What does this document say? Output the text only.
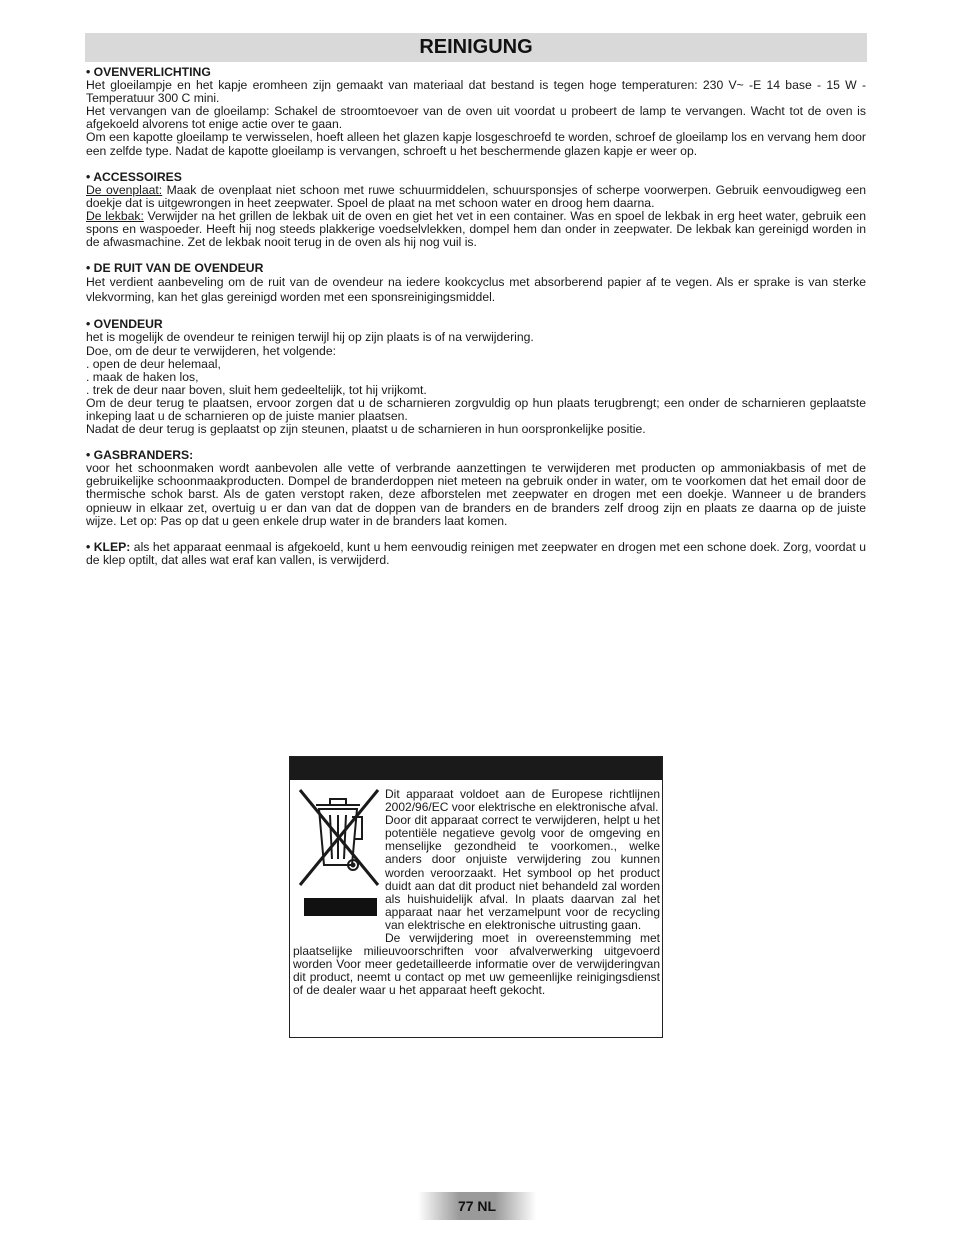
REINIGUNG

• OVENVERLICHTING

Het gloeilampje en het kapje eromheen zijn gemaakt van materiaal dat bestand is tegen hoge temperaturen: 230 V~ -E 14 base - 15 W - Temperatuur 300 C mini.

Het vervangen van de gloeilamp: Schakel de stroomtoevoer van de oven uit voordat u probeert de lamp te vervangen. Wacht tot de oven is afgekoeld alvorens tot enige actie over te gaan.

Om een kapotte gloeilamp te verwisselen, hoeft alleen het glazen kapje losgeschroefd te worden, schroef de gloeilamp los en vervang hem door een zelfde type. Nadat de kapotte gloeilamp is vervangen, schroeft u het beschermende glazen kapje er weer op.

• ACCESSOIRES

De ovenplaat: Maak de ovenplaat niet schoon met ruwe schuurmiddelen, schuursponsjes of scherpe voorwerpen. Gebruik eenvoudigweg een doekje dat is uitgewrongen in heet zeepwater. Spoel de plaat na met schoon water en droog hem daarna.

De lekbak: Verwijder na het grillen de lekbak uit de oven en giet het vet in een container. Was en spoel de lekbak in erg heet water, gebruik een spons en waspoeder. Heeft hij nog steeds plakkerige voedselvlekken, dompel hem dan onder in zeepwater. De lekbak kan gereinigd worden in de afwasmachine. Zet de lekbak nooit terug in de oven als hij nog vuil is.

• DE RUIT VAN DE OVENDEUR

Het verdient aanbeveling om de ruit van de ovendeur na iedere kookcyclus met absorberend papier af te vegen. Als er sprake is van sterke vlekvorming, kan het glas gereinigd worden met een sponsreinigingsmiddel.

• OVENDEUR

het is mogelijk de ovendeur te reinigen terwijl hij op zijn plaats is of na verwijdering.

Doe, om de deur te verwijderen, het volgende:

. open de deur helemaal,

. maak de haken los,

. trek de deur naar boven, sluit hem gedeeltelijk, tot hij vrijkomt.

Om de deur terug te plaatsen, ervoor zorgen dat u de scharnieren zorgvuldig op hun plaats terugbrengt; een onder de scharnieren geplaatste inkeping laat u de scharnieren op de juiste manier plaatsen.

Nadat de deur terug is geplaatst op zijn steunen, plaatst u de scharnieren in hun oorspronkelijke positie.

• GASBRANDERS:

voor het schoonmaken wordt aanbevolen alle vette of verbrande aanzettingen te verwijderen met producten op ammoniakbasis of met de gebruikelijke schoonmaakproducten. Dompel de branderdoppen niet meteen na gebruik onder in water, om te voorkomen dat het email door de thermische schok barst. Als de gaten verstopt raken, deze afborstelen met zeepwater en drogen met een doekje. Wanneer u de branders opnieuw in elkaar zet, overtuig u er dan van dat de doppen van de branders en de branders zelf droog zijn en plaats ze daarna op de juiste wijze. Let op: Pas op dat u geen enkele drup water in de branders laat komen.

• KLEP: als het apparaat eenmaal is afgekoeld, kunt u hem eenvoudig reinigen met zeepwater en drogen met een schone doek. Zorg, voordat u de klep optilt, dat alles wat eraf kan vallen, is verwijderd.

Dit apparaat voldoet aan de Europese richtlijnen 2002/96/EC voor elektrische en elektronische afval.

Door dit apparaat correct te verwijderen, helpt u het potentiële negatieve gevolg voor de omgeving en menselijke gezondheid te voorkomen., welke anders door onjuiste verwijdering zou kunnen worden veroorzaakt. Het symbool op het product duidt aan dat dit product niet behandeld zal worden als huishuidelijk afval. In plaats daarvan zal het apparaat naar het verzamelpunt voor de recycling van elektrische en elektronische uitrusting gaan.

De verwijdering moet in overeenstemming met plaatselijke milieuvoorschriften voor afvalverwerking uitgevoerd worden Voor meer gedetailleerde informatie over de verwijderingvan dit product, neemt u contact op met uw gemeenlijke reinigingsdienst of de dealer waar u het apparaat heeft gekocht.

77 NL
